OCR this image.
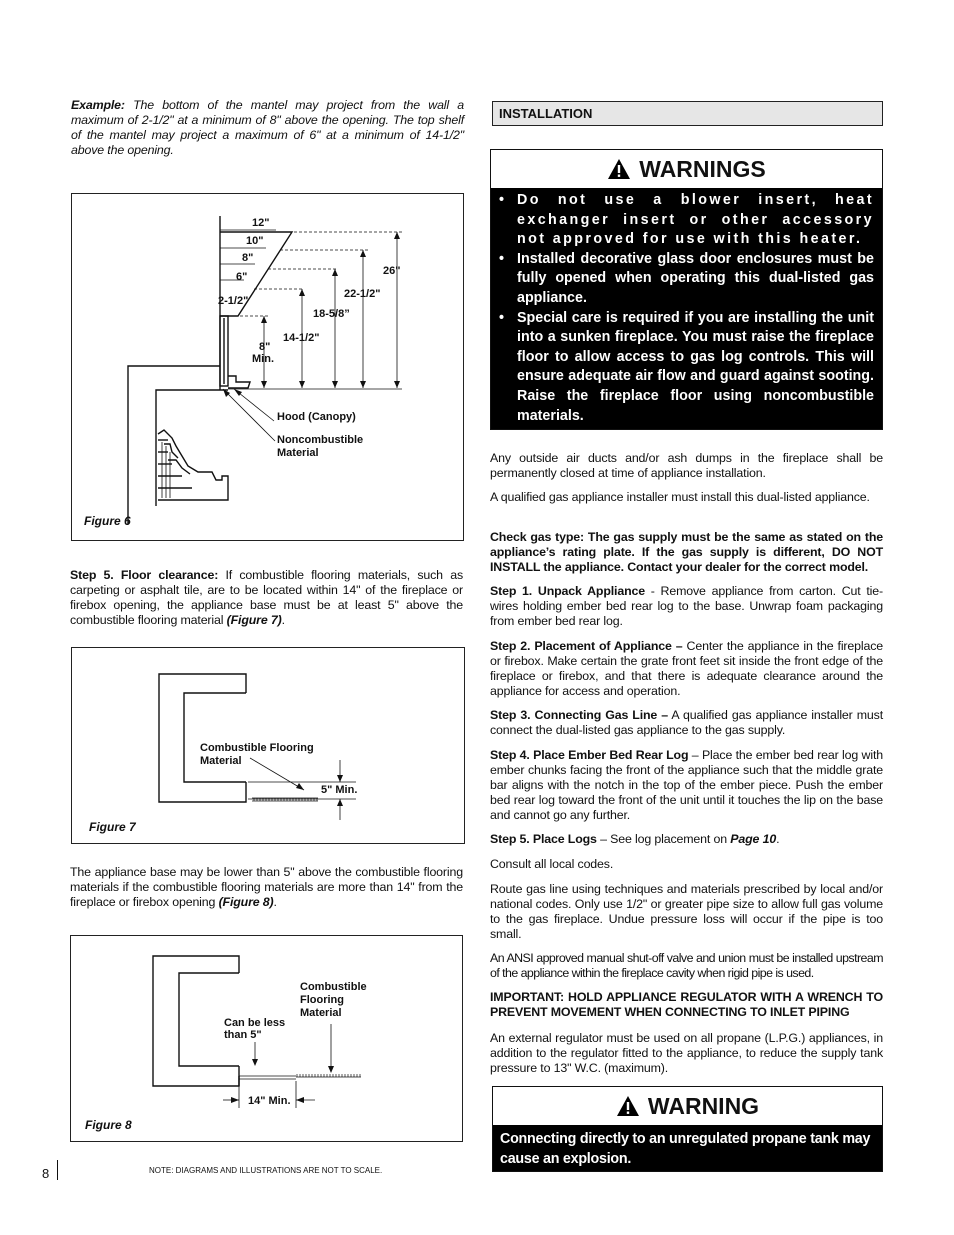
Example: The bottom of the mantel may project from the wall a maximum of 2-1/2" at a minimum of 8" above the opening. The top shelf of the mantel may project a maximum of 6" at a minimum of 14-1/2" above the opening.

12"
10"
8"
6"
2-1/2"
26"
22-1/2"
18-5/8”
14-1/2"
8"
Min.
Hood (Canopy)
Noncombustible
Material
Figure 6

Step 5. Floor clearance: If combustible flooring materials, such as carpeting or asphalt tile, are to be located within 14" of the fireplace or firebox opening, the appliance base must be at least 5" above the combustible flooring material (Figure 7).

Combustible Flooring
Material
5" Min.
Figure 7

The appliance base may be lower than 5" above the combustible flooring materials if the combustible flooring materials are more than 14" from the fireplace or firebox opening (Figure 8).

Combustible
Flooring
Material
Can be less
than 5"
14" Min.
Figure 8
8	NOTE: DIAGRAMS AND ILLUSTRATIONS ARE NOT TO SCALE.
INSTALLATION
WARNINGS
• Do not use a blower insert, heat exchanger insert or other accessory not approved for use with this heater.
• Installed decorative glass door enclosures must be fully opened when operating this dual-listed gas appliance.
• Special care is required if you are installing the unit into a sunken fireplace. You must raise the fireplace floor to allow access to gas log controls. This will ensure adequate air flow and guard against sooting. Raise the fireplace floor using noncombustible materials.

Any outside air ducts and/or ash dumps in the fireplace shall be permanently closed at time of appliance installation.

A qualified gas appliance installer must install this dual-listed appliance.

Check gas type: The gas supply must be the same as stated on the appliance’s rating plate. If the gas supply is different, DO NOT INSTALL the appliance. Contact your dealer for the correct model.

Step 1. Unpack Appliance - Remove appliance from carton. Cut tie-wires holding ember bed rear log to the base. Unwrap foam packaging from ember bed rear log.

Step 2. Placement of Appliance – Center the appliance in the fireplace or firebox. Make certain the grate front feet sit inside the front edge of the fireplace or firebox, and that there is adequate clearance around the appliance for access and operation.

Step 3. Connecting Gas Line – A qualified gas appliance installer must connect the dual-listed gas appliance to the gas supply.

Step 4. Place Ember Bed Rear Log – Place the ember bed rear log with ember chunks facing the front of the appliance such that the middle grate bar aligns with the notch in the top of the ember piece. Push the ember bed rear log toward the front of the unit until it touches the lip on the base and cannot go any further.

Step 5. Place Logs – See log placement on Page 10.

Consult all local codes.

Route gas line using techniques and materials prescribed by local and/or national codes. Only use 1/2" or greater pipe size to allow full gas volume to the gas fireplace. Undue pressure loss will occur if the pipe is too small.

An ANSI approved manual shut-off valve and union must be installed upstream of the appliance within the fireplace cavity when rigid pipe is used.

IMPORTANT: HOLD APPLIANCE REGULATOR WITH A WRENCH TO PREVENT MOVEMENT WHEN CONNECTING TO INLET PIPING

An external regulator must be used on all propane (L.P.G.) appliances, in addition to the regulator fitted to the appliance, to reduce the supply tank pressure to 13" W.C. (maximum).

WARNING
Connecting directly to an unregulated propane tank may cause an explosion.
